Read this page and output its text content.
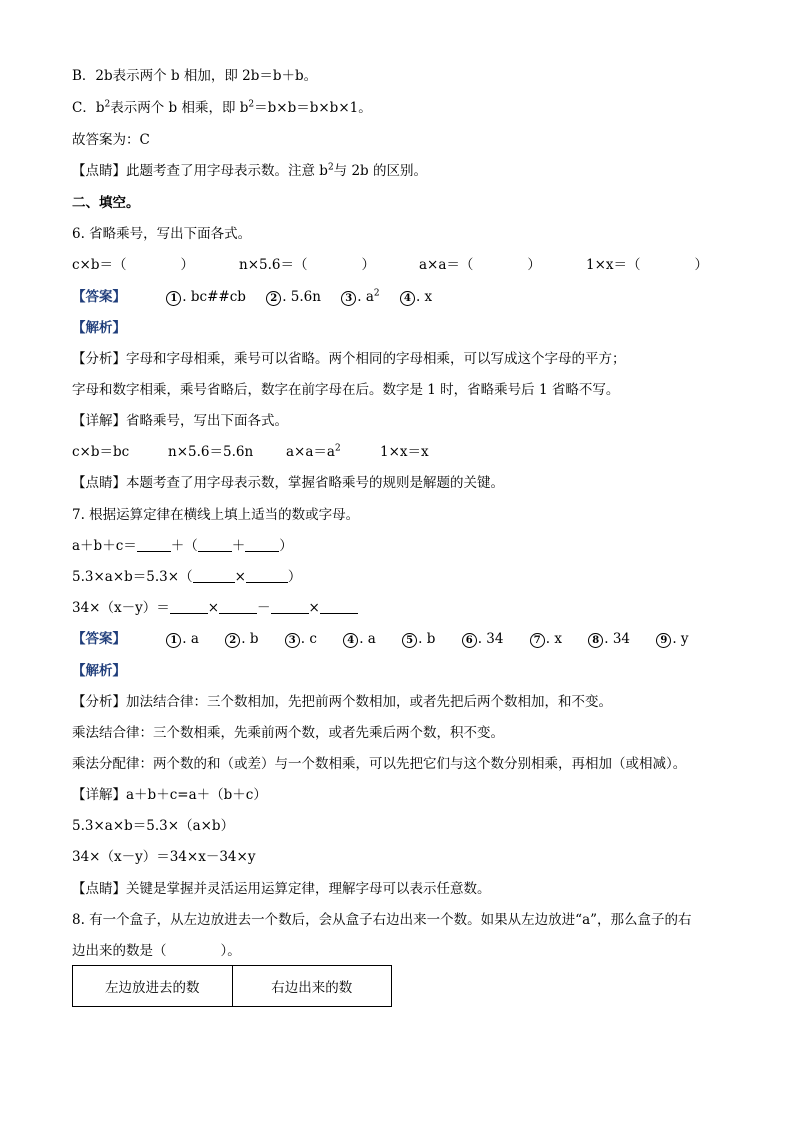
B．2b表示两个 b 相加，即 2b＝b＋b。
C．$b^2$表示两个 b 相乘，即 $b^2=b\times b=b\times b\times 1$。
故答案为：C
【点睛】此题考查了用字母表示数。注意 $b^2$与 2b 的区别。
二、填空。
6. 省略乘号，写出下面各式。
c×b＝（　　　　）	n×5.6＝（　　　　）	a×a＝（　　　　）	1×x＝（　　　　）
【答案】	1 . bc##cb 2 . 5.6n 3 . $a^2$ 4 . x
【解析】
【分析】字母和字母相乘，乘号可以省略。两个相同的字母相乘，可以写成这个字母的平方；
字母和数字相乘，乘号省略后，数字在前字母在后。数字是 1 时，省略乘号后 1 省略不写。
【详解】省略乘号，写出下面各式。
c×b＝bc	n×5.6＝5.6n $a\times a=a^2$	1×x＝x
【点睛】本题考查了用字母表示数，掌握省略乘号的规则是解题的关键。
7. 根据运算定律在横线上填上适当的数或字母。
a＋b＋c＝	＋（	＋	）
5.3×a×b＝5.3×（	×	）
34×（x－y）＝	×	－	×
【答案】	1 . a	2 . b	3 . c	4 . a	5 . b	6 . 34	7 . x	8 . 34	9 . y
【解析】
【分析】加法结合律：三个数相加，先把前两个数相加，或者先把后两个数相加，和不变。
乘法结合律：三个数相乘，先乘前两个数，或者先乘后两个数，积不变。
乘法分配律：两个数的和（或差）与一个数相乘，可以先把它们与这个数分别相乘，再相加（或相减）。
【详解】a＋b＋c=a＋（b＋c）
5.3×a×b＝5.3×（a×b）
34×（x－y）＝34×x－34×y
【点睛】关键是掌握并灵活运用运算定律，理解字母可以表示任意数。
8. 有一个盒子，从左边放进去一个数后，会从盒子右边出来一个数。如果从左边放进“a”，那么盒子的右
边出来的数是（　　　　）。
左边放进去的数	右边出来的数
